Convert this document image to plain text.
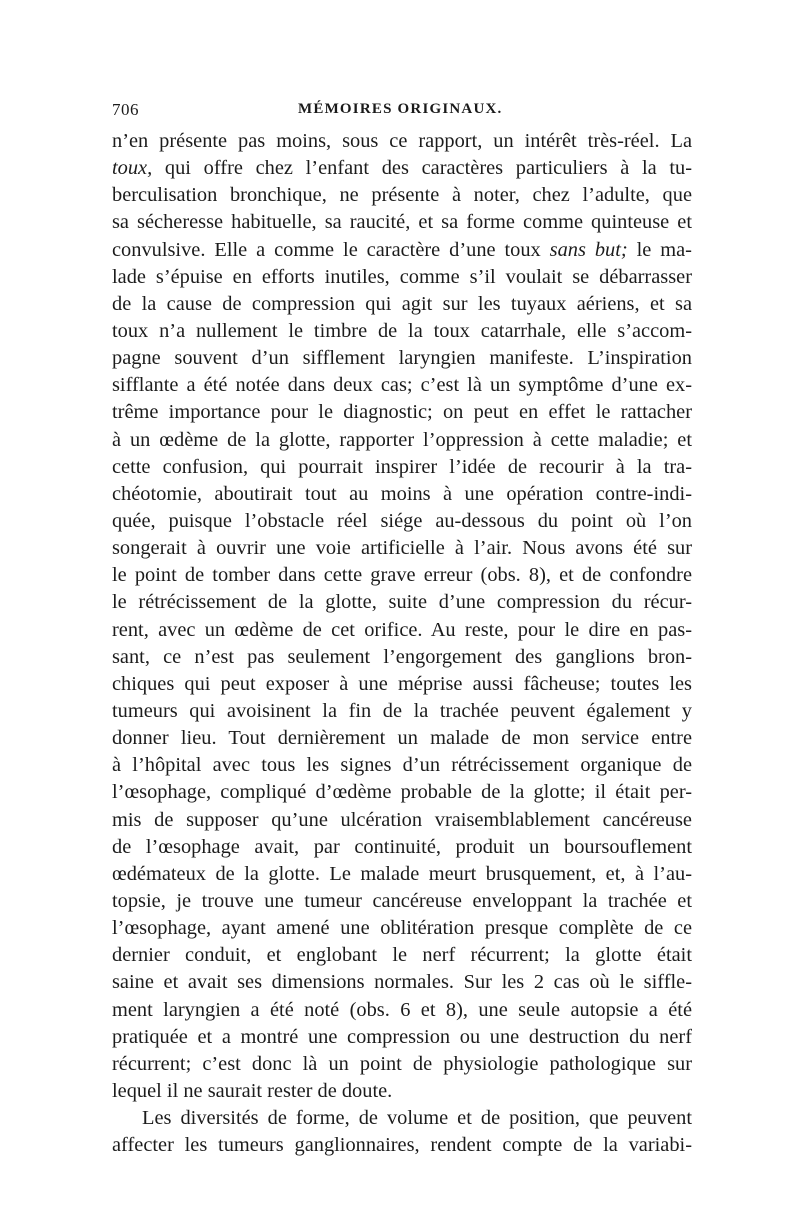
706	MÉMOIRES ORIGINAUX.
n’en présente pas moins, sous ce rapport, un intérêt très-réel. La
toux, qui offre chez l’enfant des caractères particuliers à la tu-
berculisation bronchique, ne présente à noter, chez l’adulte, que
sa sécheresse habituelle, sa raucité, et sa forme comme quinteuse et
convulsive. Elle a comme le caractère d’une toux sans but; le ma-
lade s’épuise en efforts inutiles, comme s’il voulait se débarrasser
de la cause de compression qui agit sur les tuyaux aériens, et sa
toux n’a nullement le timbre de la toux catarrhale, elle s’accom-
pagne souvent d’un sifflement laryngien manifeste. L’inspiration
sifflante a été notée dans deux cas; c’est là un symptôme d’une ex-
trême importance pour le diagnostic; on peut en effet le rattacher
à un œdème de la glotte, rapporter l’oppression à cette maladie; et
cette confusion, qui pourrait inspirer l’idée de recourir à la tra-
chéotomie, aboutirait tout au moins à une opération contre-indi-
quée, puisque l’obstacle réel siége au-dessous du point où l’on
songerait à ouvrir une voie artificielle à l’air. Nous avons été sur
le point de tomber dans cette grave erreur (obs. 8), et de confondre
le rétrécissement de la glotte, suite d’une compression du récur-
rent, avec un œdème de cet orifice. Au reste, pour le dire en pas-
sant, ce n’est pas seulement l’engorgement des ganglions bron-
chiques qui peut exposer à une méprise aussi fâcheuse; toutes les
tumeurs qui avoisinent la fin de la trachée peuvent également y
donner lieu. Tout dernièrement un malade de mon service entre
à l’hôpital avec tous les signes d’un rétrécissement organique de
l’œsophage, compliqué d’œdème probable de la glotte; il était per-
mis de supposer qu’une ulcération vraisemblablement cancéreuse
de l’œsophage avait, par continuité, produit un boursouflement
œdémateux de la glotte. Le malade meurt brusquement, et, à l’au-
topsie, je trouve une tumeur cancéreuse enveloppant la trachée et
l’œsophage, ayant amené une oblitération presque complète de ce
dernier conduit, et englobant le nerf récurrent; la glotte était
saine et avait ses dimensions normales. Sur les 2 cas où le siffle-
ment laryngien a été noté (obs. 6 et 8), une seule autopsie a été
pratiquée et a montré une compression ou une destruction du nerf
récurrent; c’est donc là un point de physiologie pathologique sur
lequel il ne saurait rester de doute.
Les diversités de forme, de volume et de position, que peuvent
affecter les tumeurs ganglionnaires, rendent compte de la variabi-
